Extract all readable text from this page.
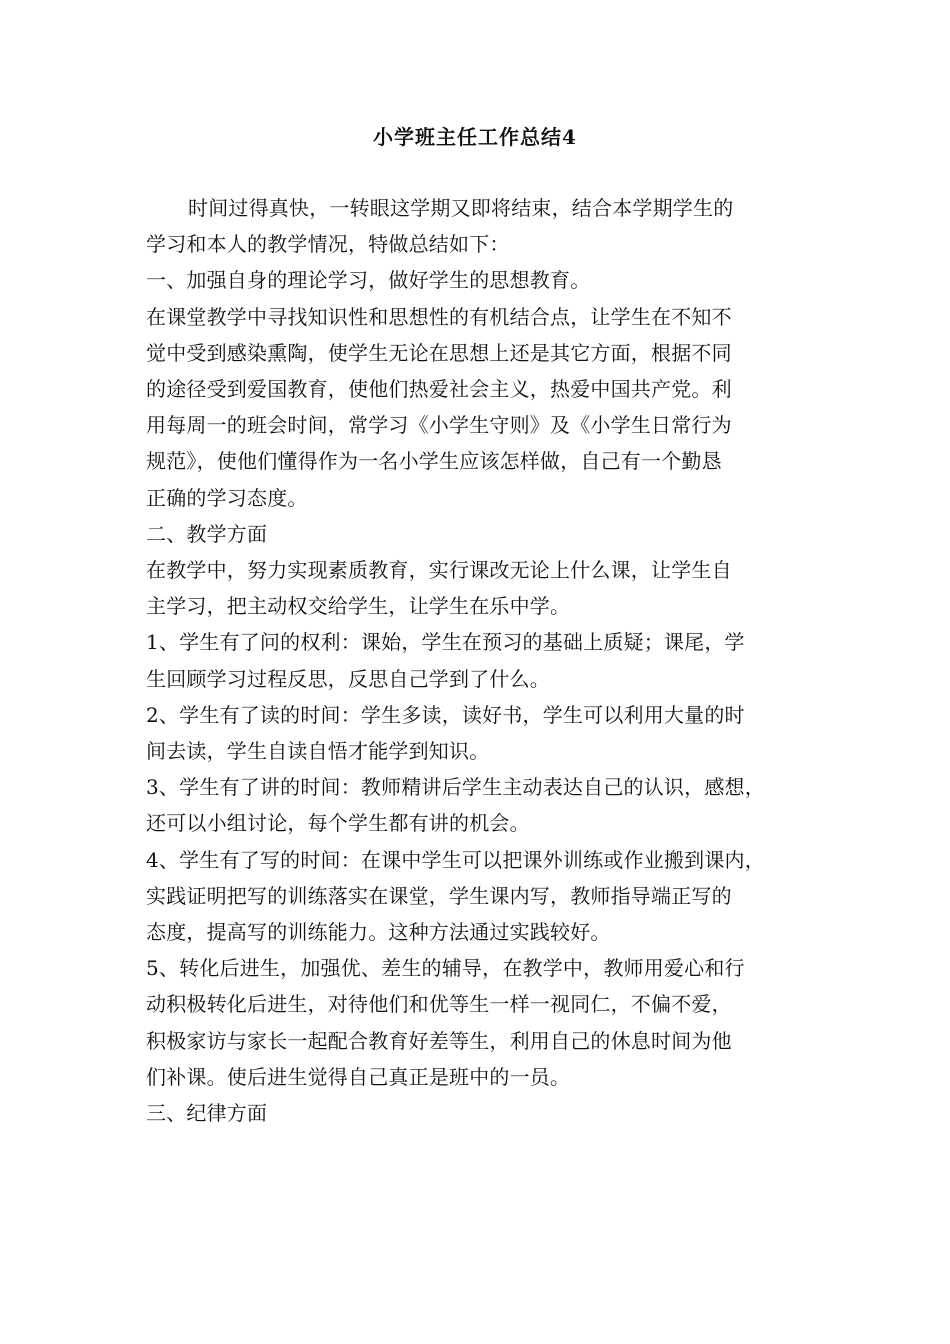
小学班主任工作总结4
时间过得真快，一转眼这学期又即将结束，结合本学期学生的
学习和本人的教学情况，特做总结如下：
一、加强自身的理论学习，做好学生的思想教育。
在课堂教学中寻找知识性和思想性的有机结合点，让学生在不知不
觉中受到感染熏陶，使学生无论在思想上还是其它方面，根据不同
的途径受到爱国教育，使他们热爱社会主义，热爱中国共产党。利
用每周一的班会时间，常学习《小学生守则》及《小学生日常行为
规范》，使他们懂得作为一名小学生应该怎样做，自己有一个勤恳
正确的学习态度。
二、教学方面
在教学中，努力实现素质教育，实行课改无论上什么课，让学生自
主学习，把主动权交给学生，让学生在乐中学。
1、学生有了问的权利：课始，学生在预习的基础上质疑；课尾，学
生回顾学习过程反思，反思自己学到了什么。
2、学生有了读的时间：学生多读，读好书，学生可以利用大量的时
间去读，学生自读自悟才能学到知识。
3、学生有了讲的时间：教师精讲后学生主动表达自己的认识，感想，
还可以小组讨论，每个学生都有讲的机会。
4、学生有了写的时间：在课中学生可以把课外训练或作业搬到课内，
实践证明把写的训练落实在课堂，学生课内写，教师指导端正写的
态度，提高写的训练能力。这种方法通过实践较好。
5、转化后进生，加强优、差生的辅导，在教学中，教师用爱心和行
动积极转化后进生，对待他们和优等生一样一视同仁，不偏不爱，
积极家访与家长一起配合教育好差等生，利用自己的休息时间为他
们补课。使后进生觉得自己真正是班中的一员。
三、纪律方面
